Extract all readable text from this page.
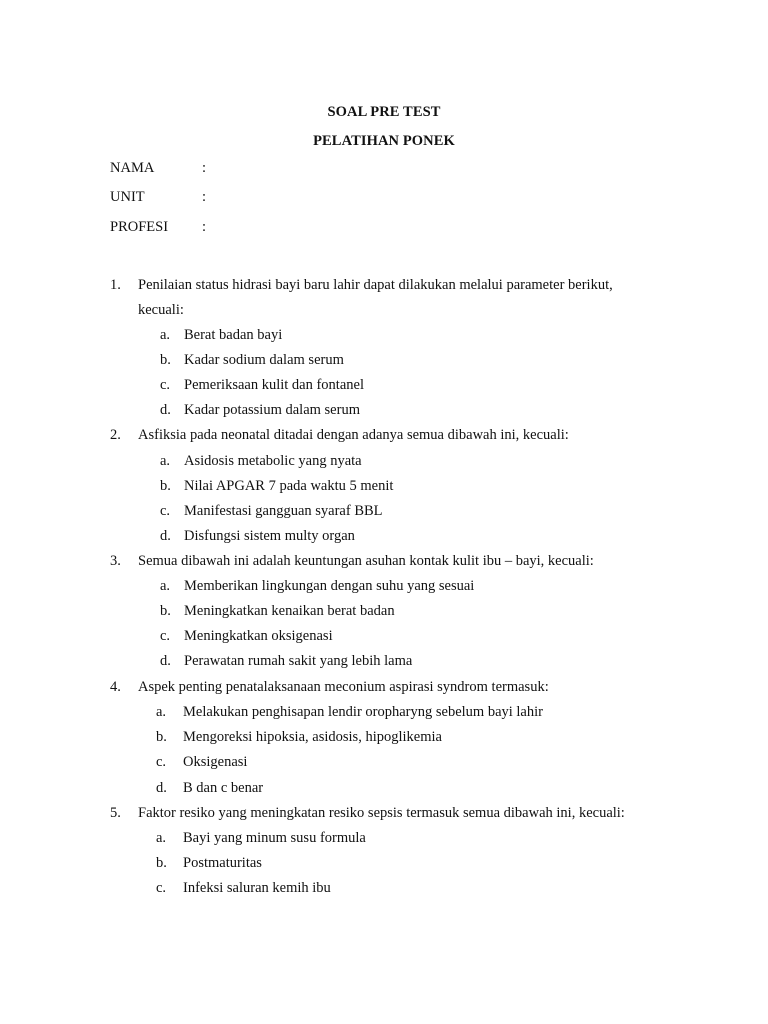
SOAL PRE TEST
PELATIHAN PONEK
NAMA	:
UNIT	:
PROFESI :
1. Penilaian status hidrasi bayi baru lahir dapat dilakukan melalui parameter berikut,
kecuali:
a. Berat badan bayi
b. Kadar sodium dalam serum
c. Pemeriksaan kulit dan fontanel
d. Kadar potassium dalam serum
2. Asfiksia pada neonatal ditadai dengan adanya semua dibawah ini, kecuali:
a. Asidosis metabolic yang nyata
b. Nilai APGAR 7 pada waktu 5 menit
c. Manifestasi gangguan syaraf BBL
d. Disfungsi sistem multy organ
3. Semua dibawah ini adalah keuntungan asuhan kontak kulit ibu – bayi, kecuali:
a. Memberikan lingkungan dengan suhu yang sesuai
b. Meningkatkan kenaikan berat badan
c. Meningkatkan oksigenasi
d. Perawatan rumah sakit yang lebih lama
4. Aspek penting penatalaksanaan meconium aspirasi syndrom termasuk:
a. Melakukan penghisapan lendir oropharyng sebelum bayi lahir
b. Mengoreksi hipoksia, asidosis, hipoglikemia
c. Oksigenasi
d. B dan c benar
5. Faktor resiko yang meningkatan resiko sepsis termasuk semua dibawah ini, kecuali:
a. Bayi yang minum susu formula
b. Postmaturitas
c. Infeksi saluran kemih ibu
